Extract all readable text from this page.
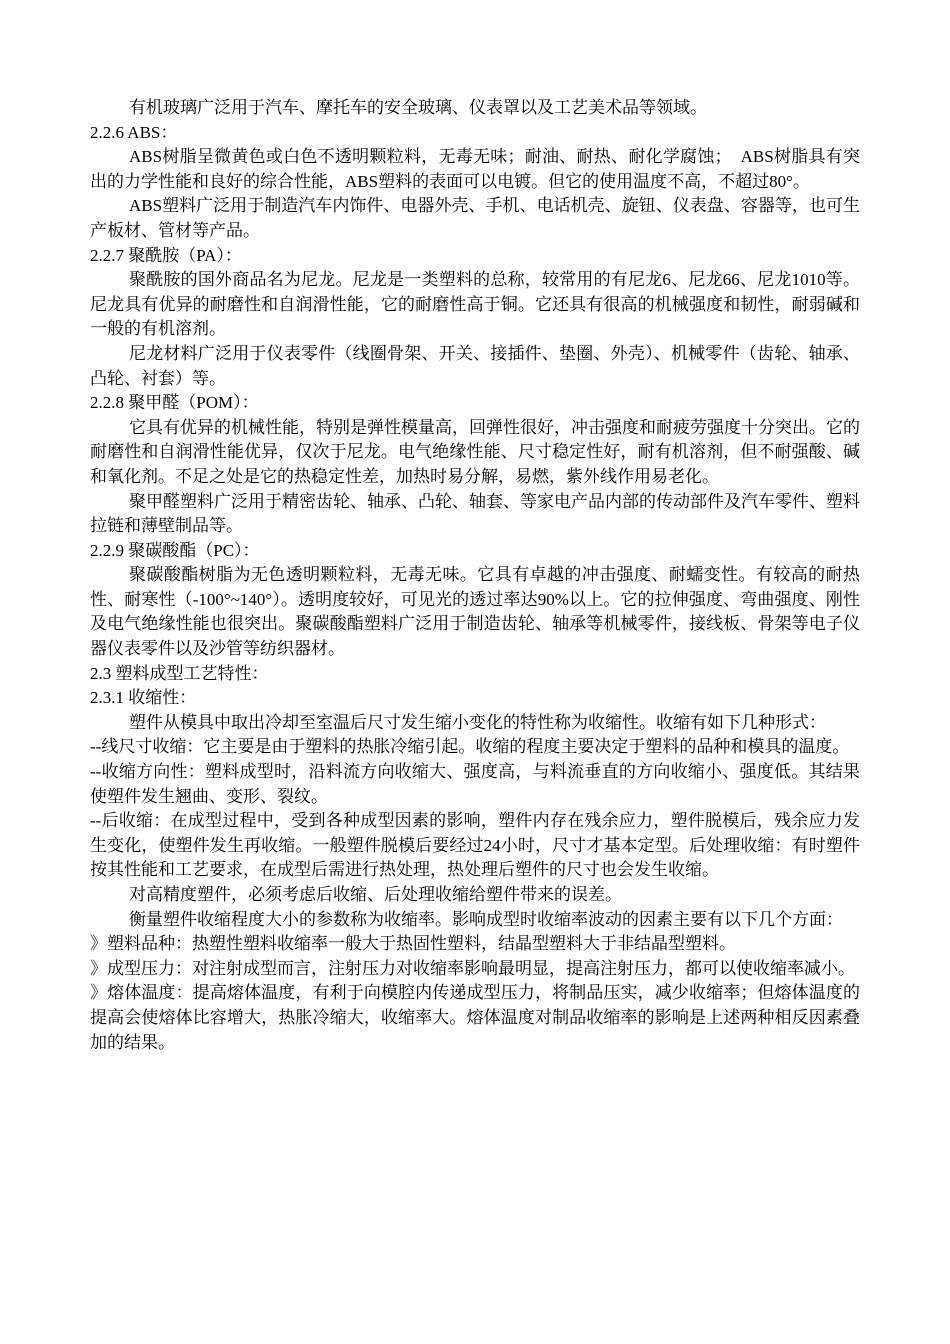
有机玻璃广泛用于汽车、摩托车的安全玻璃、仪表罩以及工艺美术品等领域。

2.2.6 ABS：

ABS树脂呈微黄色或白色不透明颗粒料，无毒无味；耐油、耐热、耐化学腐蚀；　ABS树脂具有突出的力学性能和良好的综合性能，ABS塑料的表面可以电镀。但它的使用温度不高，不超过80°。

ABS塑料广泛用于制造汽车内饰件、电器外壳、手机、电话机壳、旋钮、仪表盘、容器等，也可生产板材、管材等产品。

2.2.7 聚酰胺（PA）：

聚酰胺的国外商品名为尼龙。尼龙是一类塑料的总称，较常用的有尼龙6、尼龙66、尼龙1010等。尼龙具有优异的耐磨性和自润滑性能，它的耐磨性高于铜。它还具有很高的机械强度和韧性，耐弱碱和一般的有机溶剂。

尼龙材料广泛用于仪表零件（线圈骨架、开关、接插件、垫圈、外壳）、机械零件（齿轮、轴承、凸轮、衬套）等。

2.2.8 聚甲醛（POM）：

它具有优异的机械性能，特别是弹性模量高，回弹性很好，冲击强度和耐疲劳强度十分突出。它的耐磨性和自润滑性能优异，仅次于尼龙。电气绝缘性能、尺寸稳定性好，耐有机溶剂，但不耐强酸、碱和氧化剂。不足之处是它的热稳定性差，加热时易分解，易燃，紫外线作用易老化。

聚甲醛塑料广泛用于精密齿轮、轴承、凸轮、轴套、等家电产品内部的传动部件及汽车零件、塑料拉链和薄壁制品等。

2.2.9 聚碳酸酯（PC）：

聚碳酸酯树脂为无色透明颗粒料，无毒无味。它具有卓越的冲击强度、耐蠕变性。有较高的耐热性、耐寒性（-100°~140°）。透明度较好，可见光的透过率达90%以上。它的拉伸强度、弯曲强度、刚性及电气绝缘性能也很突出。聚碳酸酯塑料广泛用于制造齿轮、轴承等机械零件，接线板、骨架等电子仪器仪表零件以及沙管等纺织器材。

2.3 塑料成型工艺特性：

2.3.1 收缩性：

塑件从模具中取出冷却至室温后尺寸发生缩小变化的特性称为收缩性。收缩有如下几种形式：

--线尺寸收缩：它主要是由于塑料的热胀冷缩引起。收缩的程度主要决定于塑料的品种和模具的温度。

--收缩方向性：塑料成型时，沿料流方向收缩大、强度高，与料流垂直的方向收缩小、强度低。其结果使塑件发生翘曲、变形、裂纹。

--后收缩：在成型过程中，受到各种成型因素的影响，塑件内存在残余应力，塑件脱模后，残余应力发生变化，使塑件发生再收缩。一般塑件脱模后要经过24小时，尺寸才基本定型。后处理收缩：有时塑件按其性能和工艺要求，在成型后需进行热处理，热处理后塑件的尺寸也会发生收缩。

对高精度塑件，必须考虑后收缩、后处理收缩给塑件带来的误差。

衡量塑件收缩程度大小的参数称为收缩率。影响成型时收缩率波动的因素主要有以下几个方面：

》塑料品种：热塑性塑料收缩率一般大于热固性塑料，结晶型塑料大于非结晶型塑料。

》成型压力：对注射成型而言，注射压力对收缩率影响最明显，提高注射压力，都可以使收缩率减小。

》熔体温度：提高熔体温度，有利于向模腔内传递成型压力，将制品压实，减少收缩率；但熔体温度的提高会使熔体比容增大，热胀冷缩大，收缩率大。熔体温度对制品收缩率的影响是上述两种相反因素叠加的结果。
